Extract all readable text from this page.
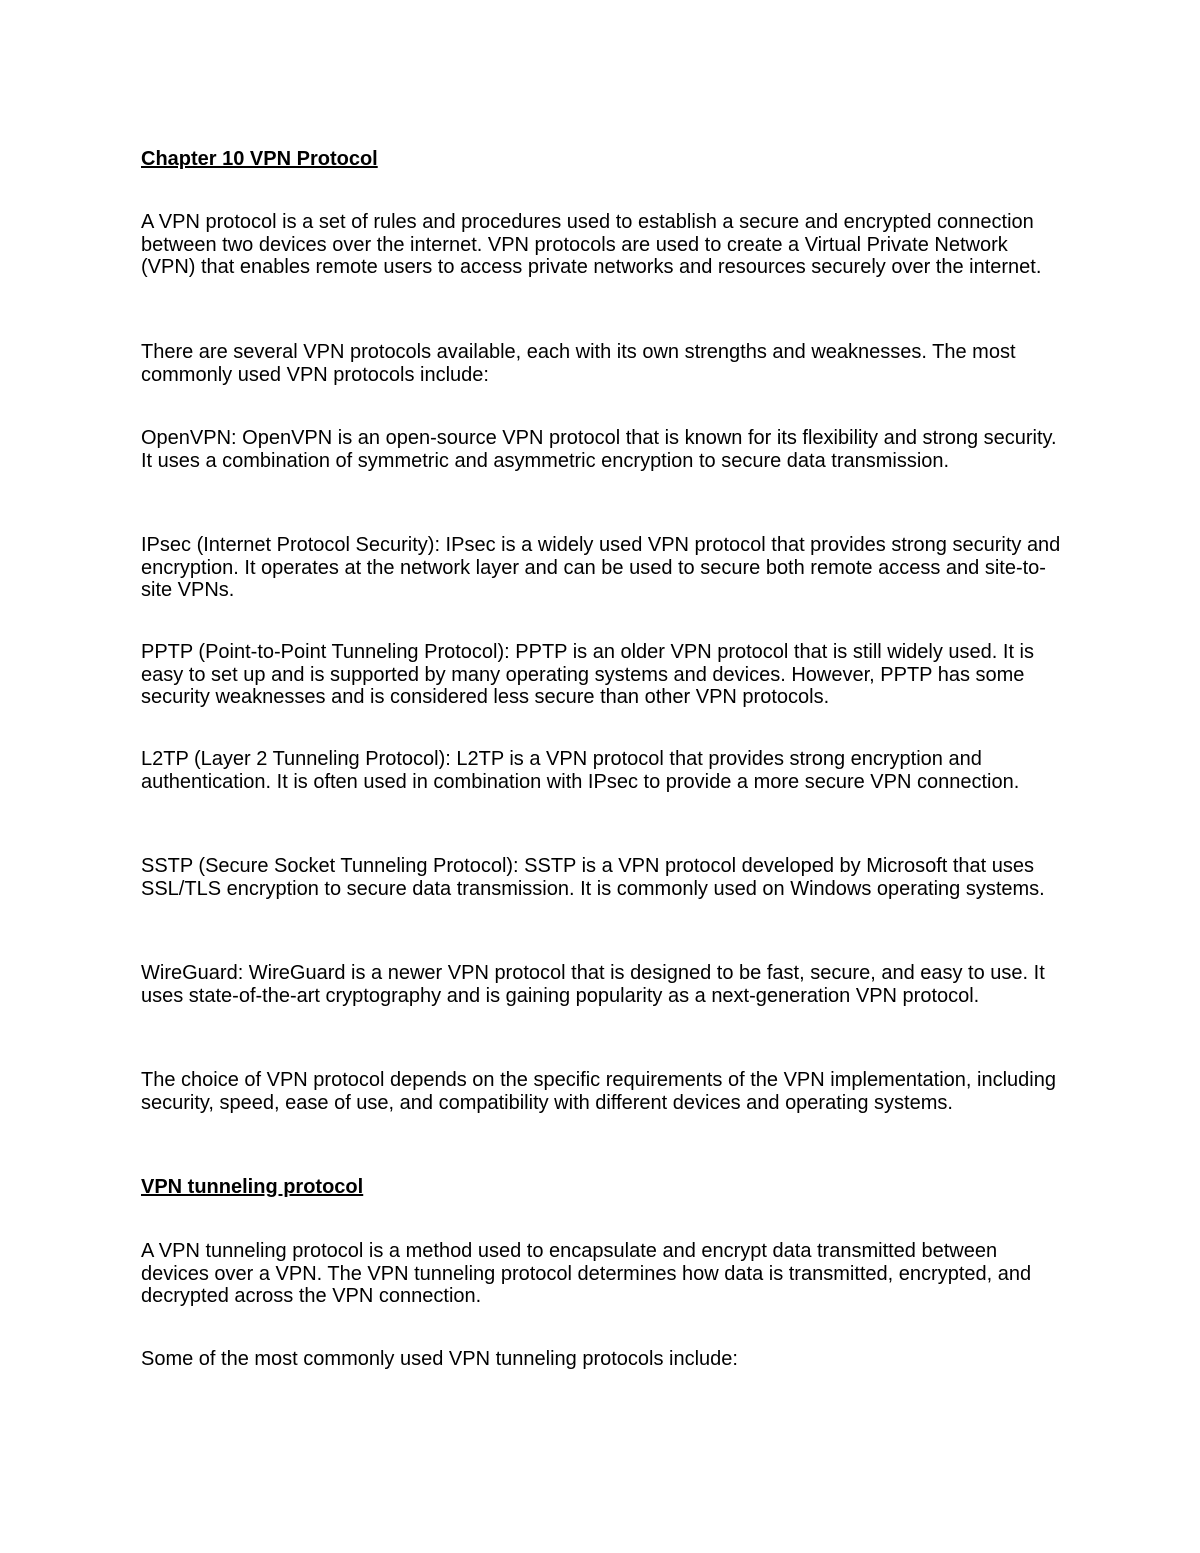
Chapter 10 VPN Protocol

A VPN protocol is a set of rules and procedures used to establish a secure and encrypted connection between two devices over the internet. VPN protocols are used to create a Virtual Private Network (VPN) that enables remote users to access private networks and resources securely over the internet.

There are several VPN protocols available, each with its own strengths and weaknesses. The most commonly used VPN protocols include:

OpenVPN: OpenVPN is an open-source VPN protocol that is known for its flexibility and strong security. It uses a combination of symmetric and asymmetric encryption to secure data transmission.

IPsec (Internet Protocol Security): IPsec is a widely used VPN protocol that provides strong security and encryption. It operates at the network layer and can be used to secure both remote access and site-to-site VPNs.

PPTP (Point-to-Point Tunneling Protocol): PPTP is an older VPN protocol that is still widely used. It is easy to set up and is supported by many operating systems and devices. However, PPTP has some security weaknesses and is considered less secure than other VPN protocols.

L2TP (Layer 2 Tunneling Protocol): L2TP is a VPN protocol that provides strong encryption and authentication. It is often used in combination with IPsec to provide a more secure VPN connection.

SSTP (Secure Socket Tunneling Protocol): SSTP is a VPN protocol developed by Microsoft that uses SSL/TLS encryption to secure data transmission. It is commonly used on Windows operating systems.

WireGuard: WireGuard is a newer VPN protocol that is designed to be fast, secure, and easy to use. It uses state-of-the-art cryptography and is gaining popularity as a next-generation VPN protocol.

The choice of VPN protocol depends on the specific requirements of the VPN implementation, including security, speed, ease of use, and compatibility with different devices and operating systems.

VPN tunneling protocol

A VPN tunneling protocol is a method used to encapsulate and encrypt data transmitted between devices over a VPN. The VPN tunneling protocol determines how data is transmitted, encrypted, and decrypted across the VPN connection.

Some of the most commonly used VPN tunneling protocols include:
